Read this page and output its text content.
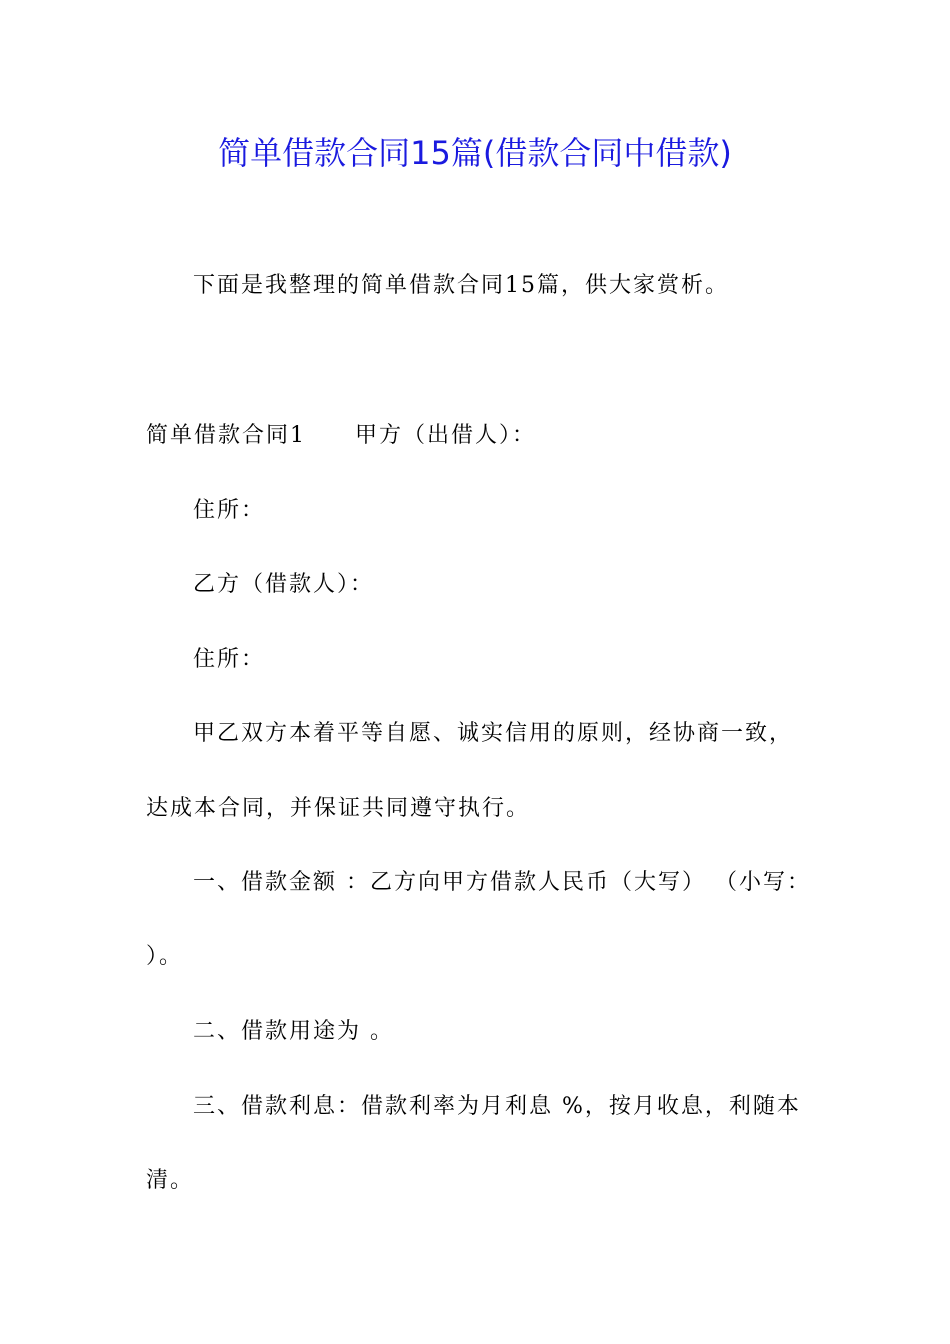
简单借款合同15篇(借款合同中借款)
下面是我整理的简单借款合同15篇，供大家赏析。
简单借款合同1 甲方（出借人）：
住所：
乙方（借款人）：
住所：
甲乙双方本着平等自愿、诚实信用的原则，经协商一致，
达成本合同，并保证共同遵守执行。
一、借款金额 ：乙方向甲方借款人民币（大写） （小写：
）。
二、借款用途为 。
三、借款利息：借款利率为月利息 %，按月收息，利随本
清。
